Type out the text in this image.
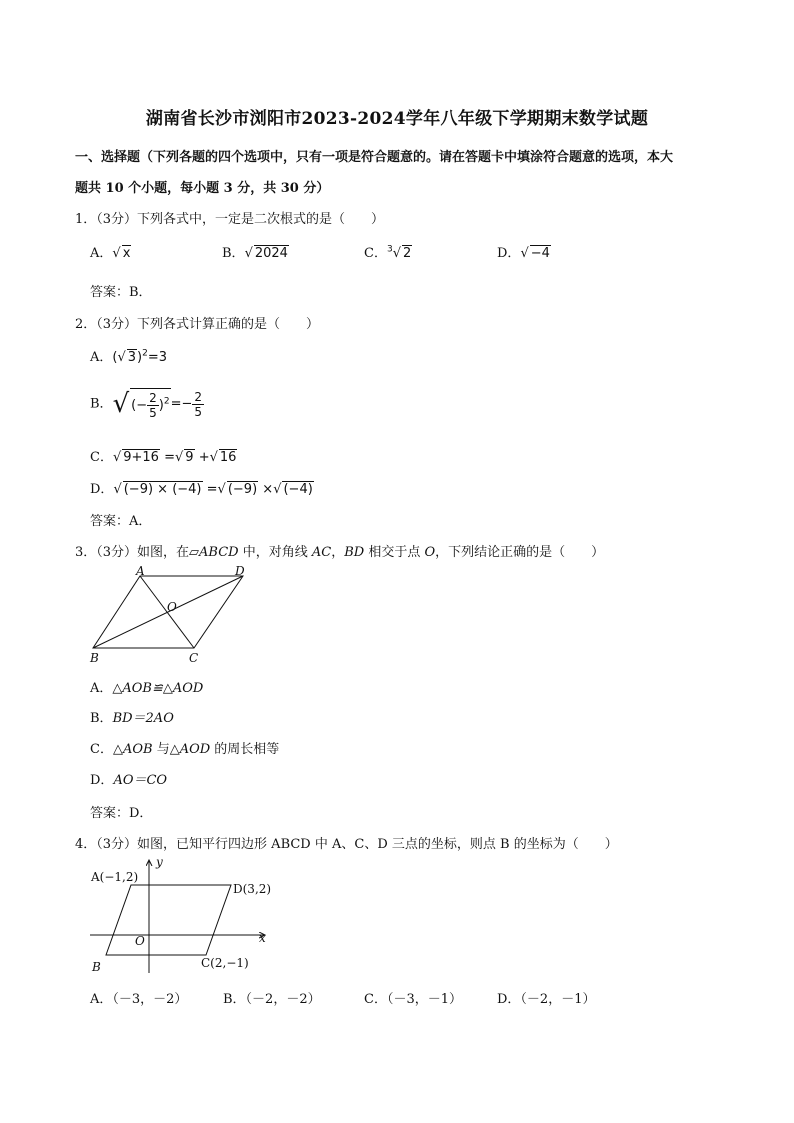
湖南省长沙市浏阳市2023-2024学年八年级下学期期末数学试题
一、选择题（下列各题的四个选项中，只有一项是符合题意的。请在答题卡中填涂符合题意的选项，本大
题共 10 个小题，每小题 3 分，共 30 分）
1．（3分）下列各式中，一定是二次根式的是（　　）
A．√ x	B．√ 2024	C．$^3$√ 2	D．√ −4
答案：B．
2．（3分）下列各式计算正确的是（　　）
A．(√ 3)$^2$=3
B．√ (− $\frac{2}{5} )^2=- \frac{2}{5}$
C．√ 9+16 =√ 9 +√ 16
D．√ (−9) × (−4) =√ (−9) ×√ (−4)
答案：A．
3．（3分）如图，在▱ABCD 中，对角线 AC，BD 相交于点 O，下列结论正确的是（　　）
A	D
B	C
O
A．△AOB≌△AOD
B．BD＝2AO
C．△AOB 与△AOD 的周长相等
D．AO＝CO
答案：D．
4．（3分）如图，已知平行四边形 ABCD 中 A、C、D 三点的坐标，则点 B 的坐标为（　　）
A(−1,2)
D(3,2)
B	C(2,−1)
O	x
y
A．（－3，－2）	B．（－2，－2）	C．（－3，－1）	D．（－2，－1）
